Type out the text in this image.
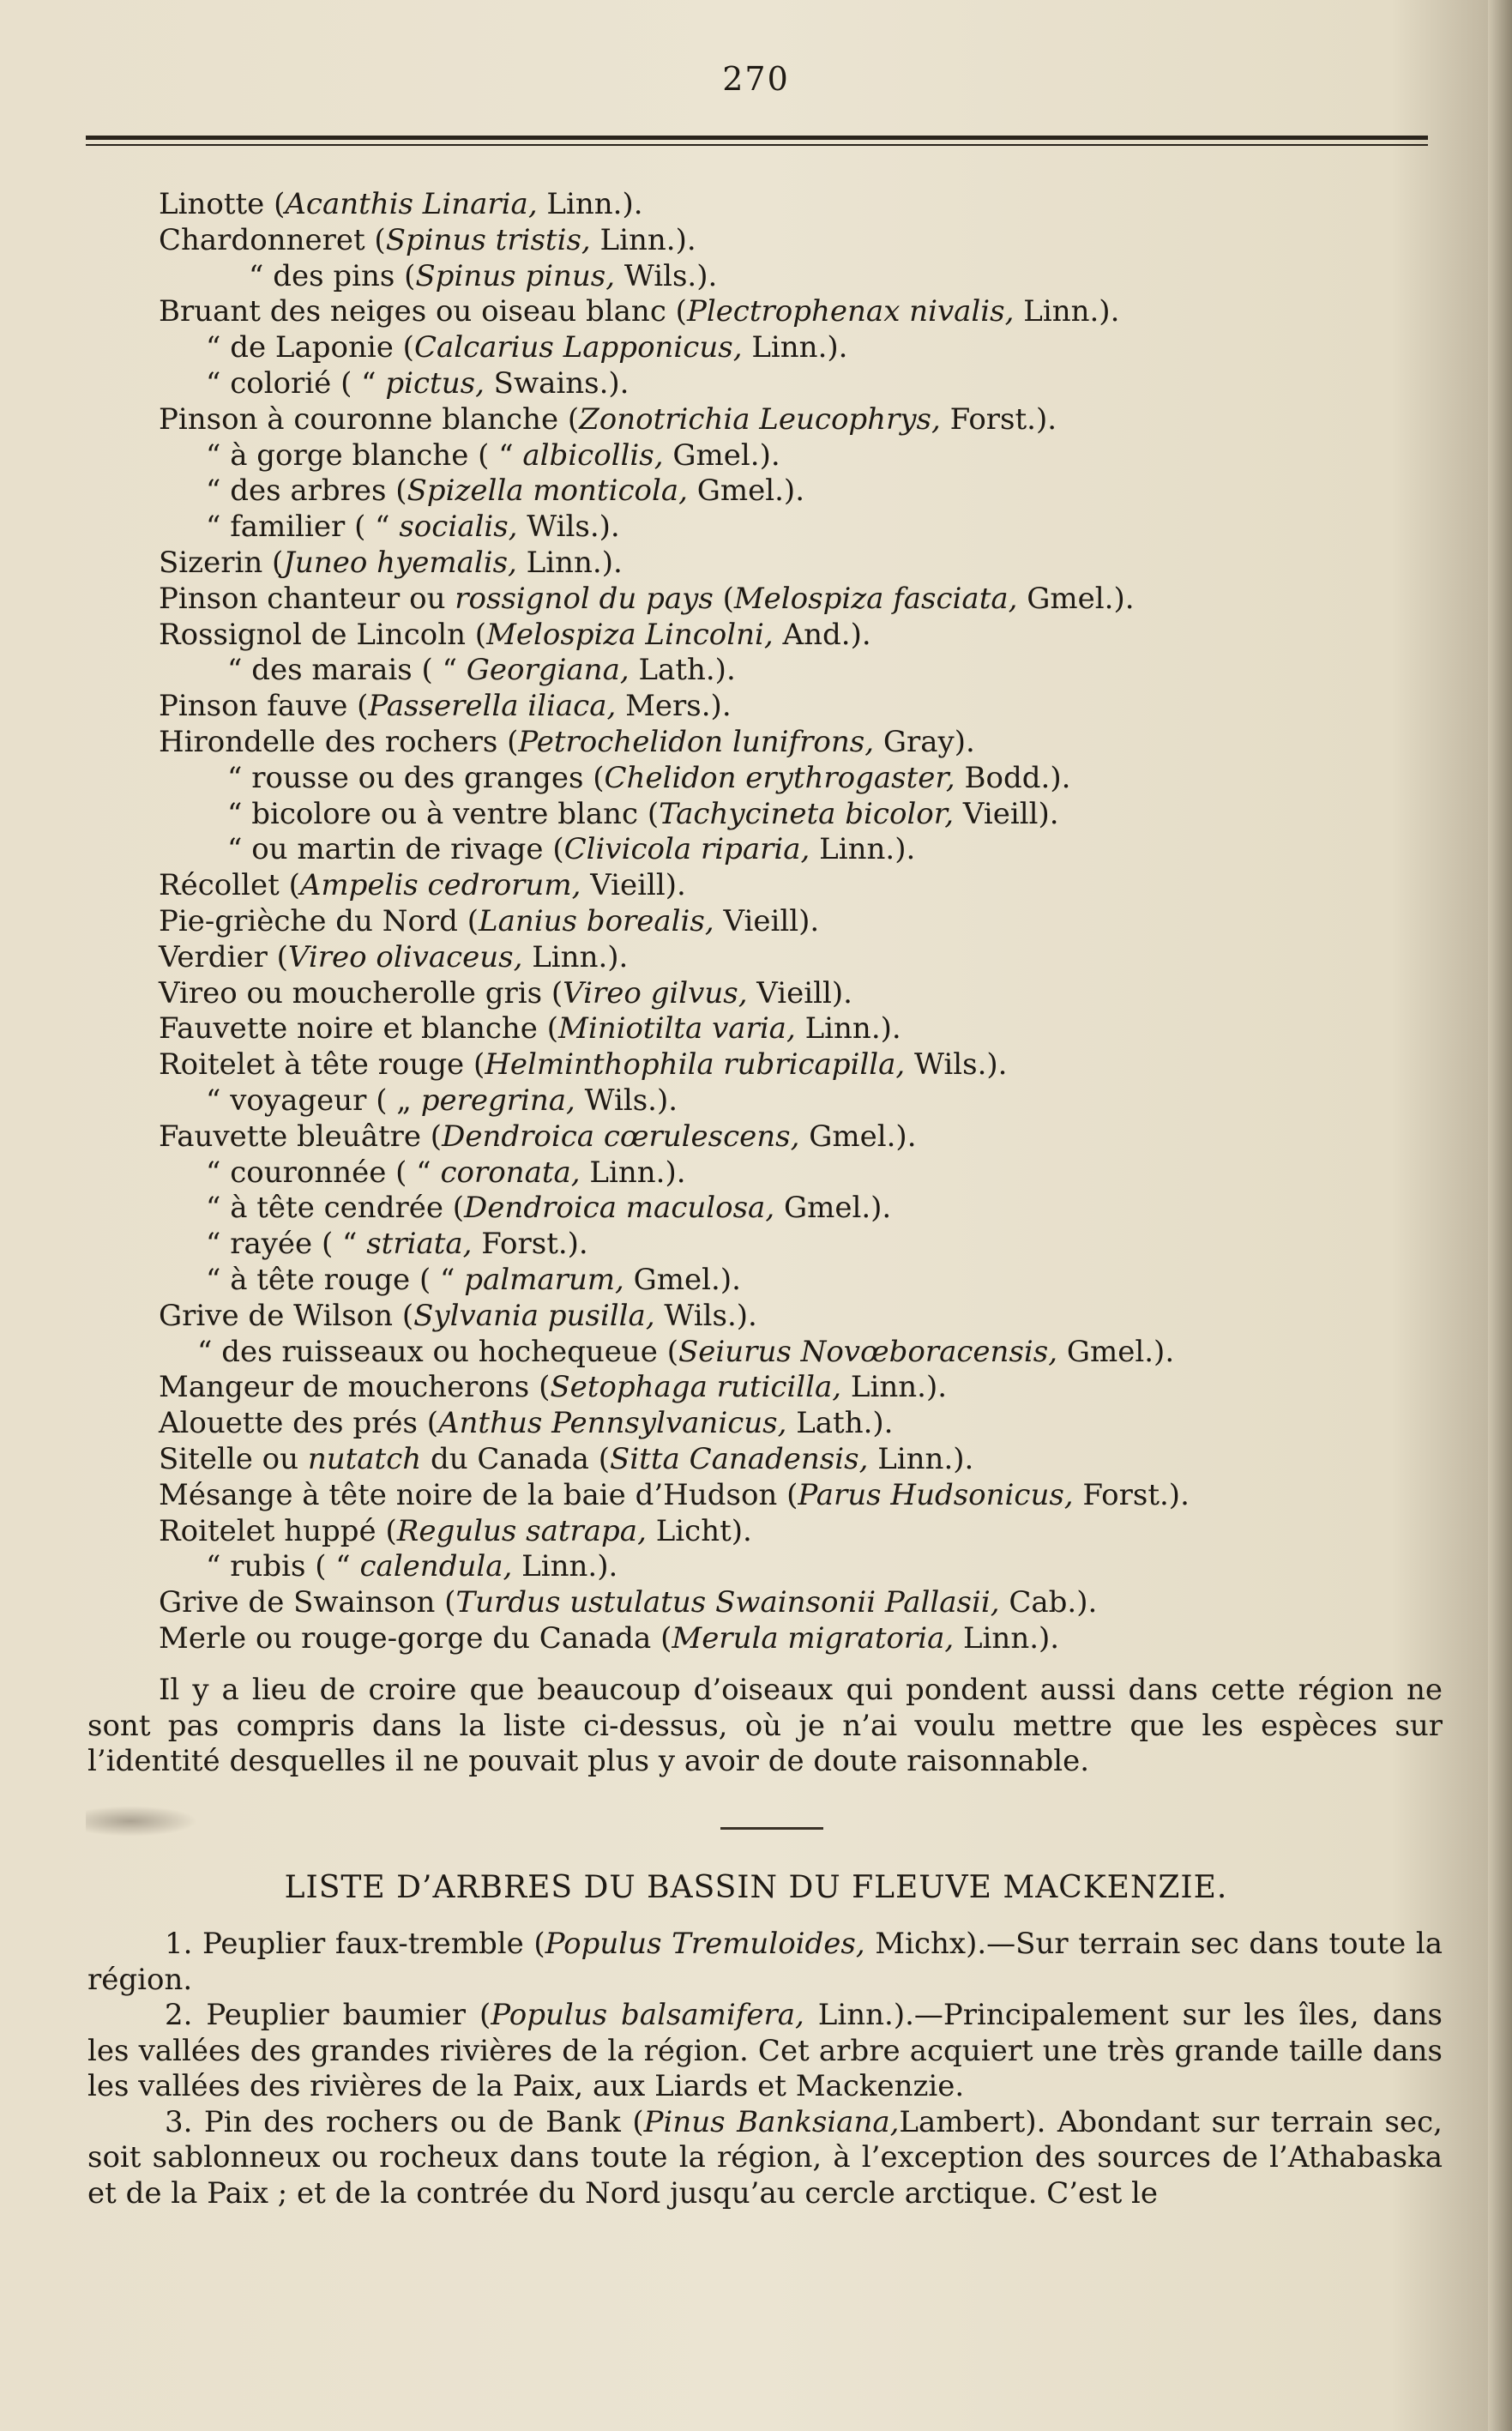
270
Linotte (Acanthis Linaria, Linn.).
Chardonneret (Spinus tristis, Linn.).
“ des pins (Spinus pinus, Wils.).
Bruant des neiges ou oiseau blanc (Plectrophenax nivalis, Linn.).
“ de Laponie (Calcarius Lapponicus, Linn.).
“ colorié ( “ pictus, Swains.).
Pinson à couronne blanche (Zonotrichia Leucophrys, Forst.).
“ à gorge blanche ( “ albicollis, Gmel.).
“ des arbres (Spizella monticola, Gmel.).
“ familier ( “ socialis, Wils.).
Sizerin (Juneo hyemalis, Linn.).
Pinson chanteur ou rossignol du pays (Melospiza fasciata, Gmel.).
Rossignol de Lincoln (Melospiza Lincolni, And.).
“ des marais ( “ Georgiana, Lath.).
Pinson fauve (Passerella iliaca, Mers.).
Hirondelle des rochers (Petrochelidon lunifrons, Gray).
“ rousse ou des granges (Chelidon erythrogaster, Bodd.).
“ bicolore ou à ventre blanc (Tachycineta bicolor, Vieill).
“ ou martin de rivage (Clivicola riparia, Linn.).
Récollet (Ampelis cedrorum, Vieill).
Pie-grièche du Nord (Lanius borealis, Vieill).
Verdier (Vireo olivaceus, Linn.).
Vireo ou moucherolle gris (Vireo gilvus, Vieill).
Fauvette noire et blanche (Miniotilta varia, Linn.).
Roitelet à tête rouge (Helminthophila rubricapilla, Wils.).
“ voyageur ( „ peregrina, Wils.).
Fauvette bleuâtre (Dendroica cœrulescens, Gmel.).
“ couronnée ( “ coronata, Linn.).
“ à tête cendrée (Dendroica maculosa, Gmel.).
“ rayée ( “ striata, Forst.).
“ à tête rouge ( “ palmarum, Gmel.).
Grive de Wilson (Sylvania pusilla, Wils.).
“ des ruisseaux ou hochequeue (Seiurus Novœboracensis, Gmel.).
Mangeur de moucherons (Setophaga ruticilla, Linn.).
Alouette des prés (Anthus Pennsylvanicus, Lath.).
Sitelle ou nutatch du Canada (Sitta Canadensis, Linn.).
Mésange à tête noire de la baie d’Hudson (Parus Hudsonicus, Forst.).
Roitelet huppé (Regulus satrapa, Licht).
“ rubis ( “ calendula, Linn.).
Grive de Swainson (Turdus ustulatus Swainsonii Pallasii, Cab.).
Merle ou rouge-gorge du Canada (Merula migratoria, Linn.).
Il y a lieu de croire que beaucoup d’oiseaux qui pondent aussi dans cette région ne sont pas compris dans la liste ci-dessus, où je n’ai voulu mettre que les espèces sur l’identité desquelles il ne pouvait plus y avoir de doute raisonnable.
LISTE D’ARBRES DU BASSIN DU FLEUVE MACKENZIE.

1. Peuplier faux-tremble (Populus Tremuloides, Michx).—Sur terrain sec dans toute la région.

2. Peuplier baumier (Populus balsamifera, Linn.).—Principalement sur les îles, dans les vallées des grandes rivières de la région. Cet arbre acquiert une très grande taille dans les vallées des rivières de la Paix, aux Liards et Mackenzie.

3. Pin des rochers ou de Bank (Pinus Banksiana,Lambert). Abondant sur terrain sec, soit sablonneux ou rocheux dans toute la région, à l’exception des sources de l’Athabaska et de la Paix ; et de la contrée du Nord jusqu’au cercle arctique. C’est le
